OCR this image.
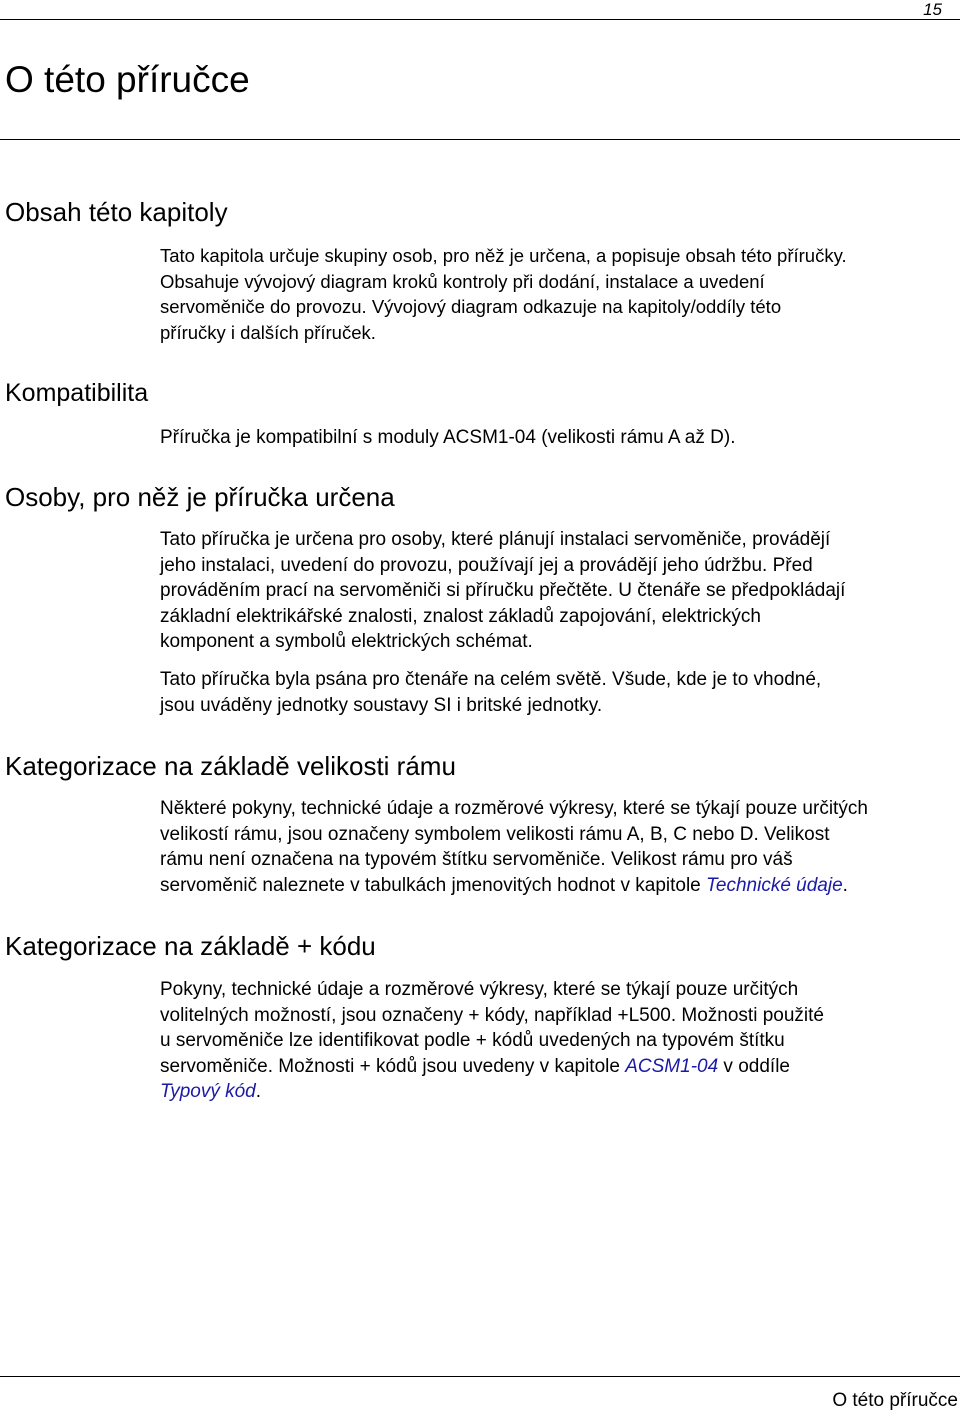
15
O této příručce
Obsah této kapitoly
Tato kapitola určuje skupiny osob, pro něž je určena, a popisuje obsah této příručky.
Obsahuje vývojový diagram kroků kontroly při dodání, instalace a uvedení
servoměniče do provozu. Vývojový diagram odkazuje na kapitoly/oddíly této
příručky i dalších příruček.
Kompatibilita
Příručka je kompatibilní s moduly ACSM1-04 (velikosti rámu A až D).
Osoby, pro něž je příručka určena
Tato příručka je určena pro osoby, které plánují instalaci servoměniče, provádějí
jeho instalaci, uvedení do provozu, používají jej a provádějí jeho údržbu. Před
prováděním prací na servoměniči si příručku přečtěte. U čtenáře se předpokládají
základní elektrikářské znalosti, znalost základů zapojování, elektrických
komponent a symbolů elektrických schémat.
Tato příručka byla psána pro čtenáře na celém světě. Všude, kde je to vhodné,
jsou uváděny jednotky soustavy SI i britské jednotky.
Kategorizace na základě velikosti rámu
Některé pokyny, technické údaje a rozměrové výkresy, které se týkají pouze určitých
velikostí rámu, jsou označeny symbolem velikosti rámu A, B, C nebo D. Velikost
rámu není označena na typovém štítku servoměniče. Velikost rámu pro váš
servoměnič naleznete v tabulkách jmenovitých hodnot v kapitole Technické údaje.
Kategorizace na základě + kódu
Pokyny, technické údaje a rozměrové výkresy, které se týkají pouze určitých
volitelných možností, jsou označeny + kódy, například +L500. Možnosti použité
u servoměniče lze identifikovat podle + kódů uvedených na typovém štítku
servoměniče. Možnosti + kódů jsou uvedeny v kapitole ACSM1-04 v oddíle
Typový kód.
O této příručce
